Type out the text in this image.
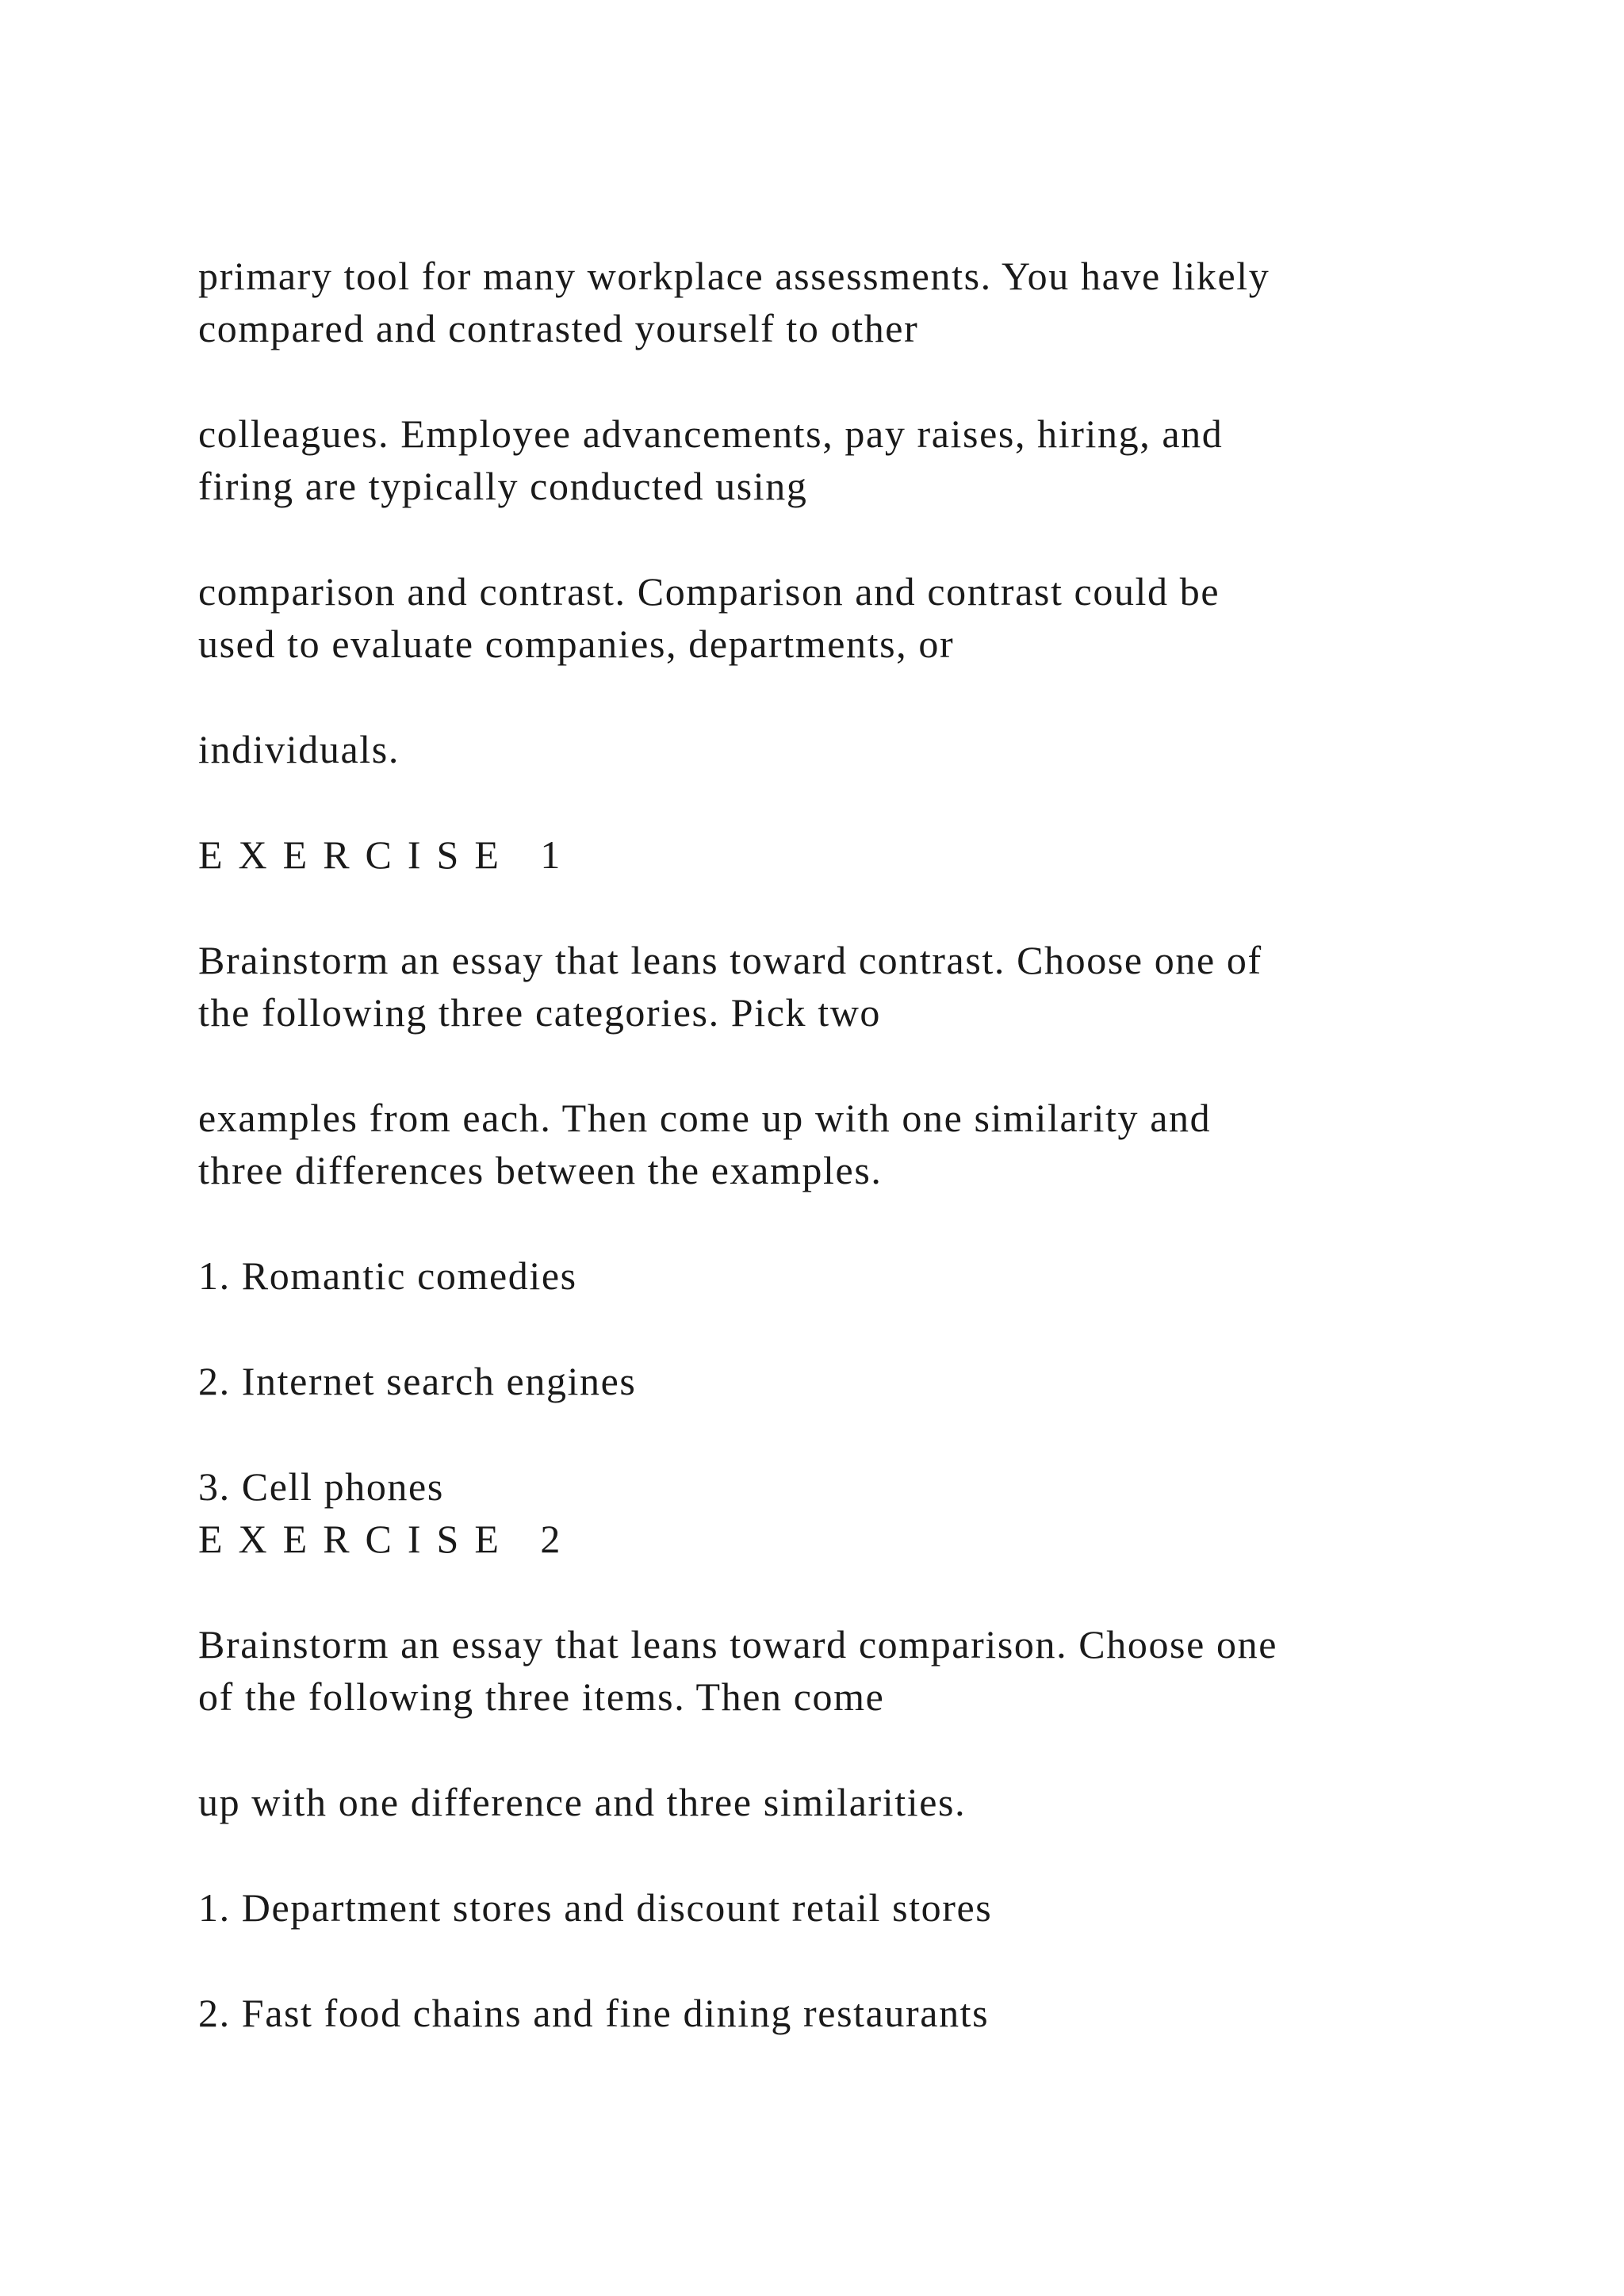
primary tool for many workplace assessments. You have likely

compared and contrasted yourself to other

colleagues. Employee advancements, pay raises, hiring, and

firing are typically conducted using

comparison and contrast. Comparison and contrast could be

used to evaluate companies, departments, or

individuals.

EXERCISE 1

Brainstorm an essay that leans toward contrast. Choose one of

the following three categories. Pick two

examples from each. Then come up with one similarity and

three differences between the examples.

1. Romantic comedies

2. Internet search engines

3. Cell phones

EXERCISE 2

Brainstorm an essay that leans toward comparison. Choose one

of the following three items. Then come

up with one difference and three similarities.

1. Department stores and discount retail stores

2. Fast food chains and fine dining restaurants
